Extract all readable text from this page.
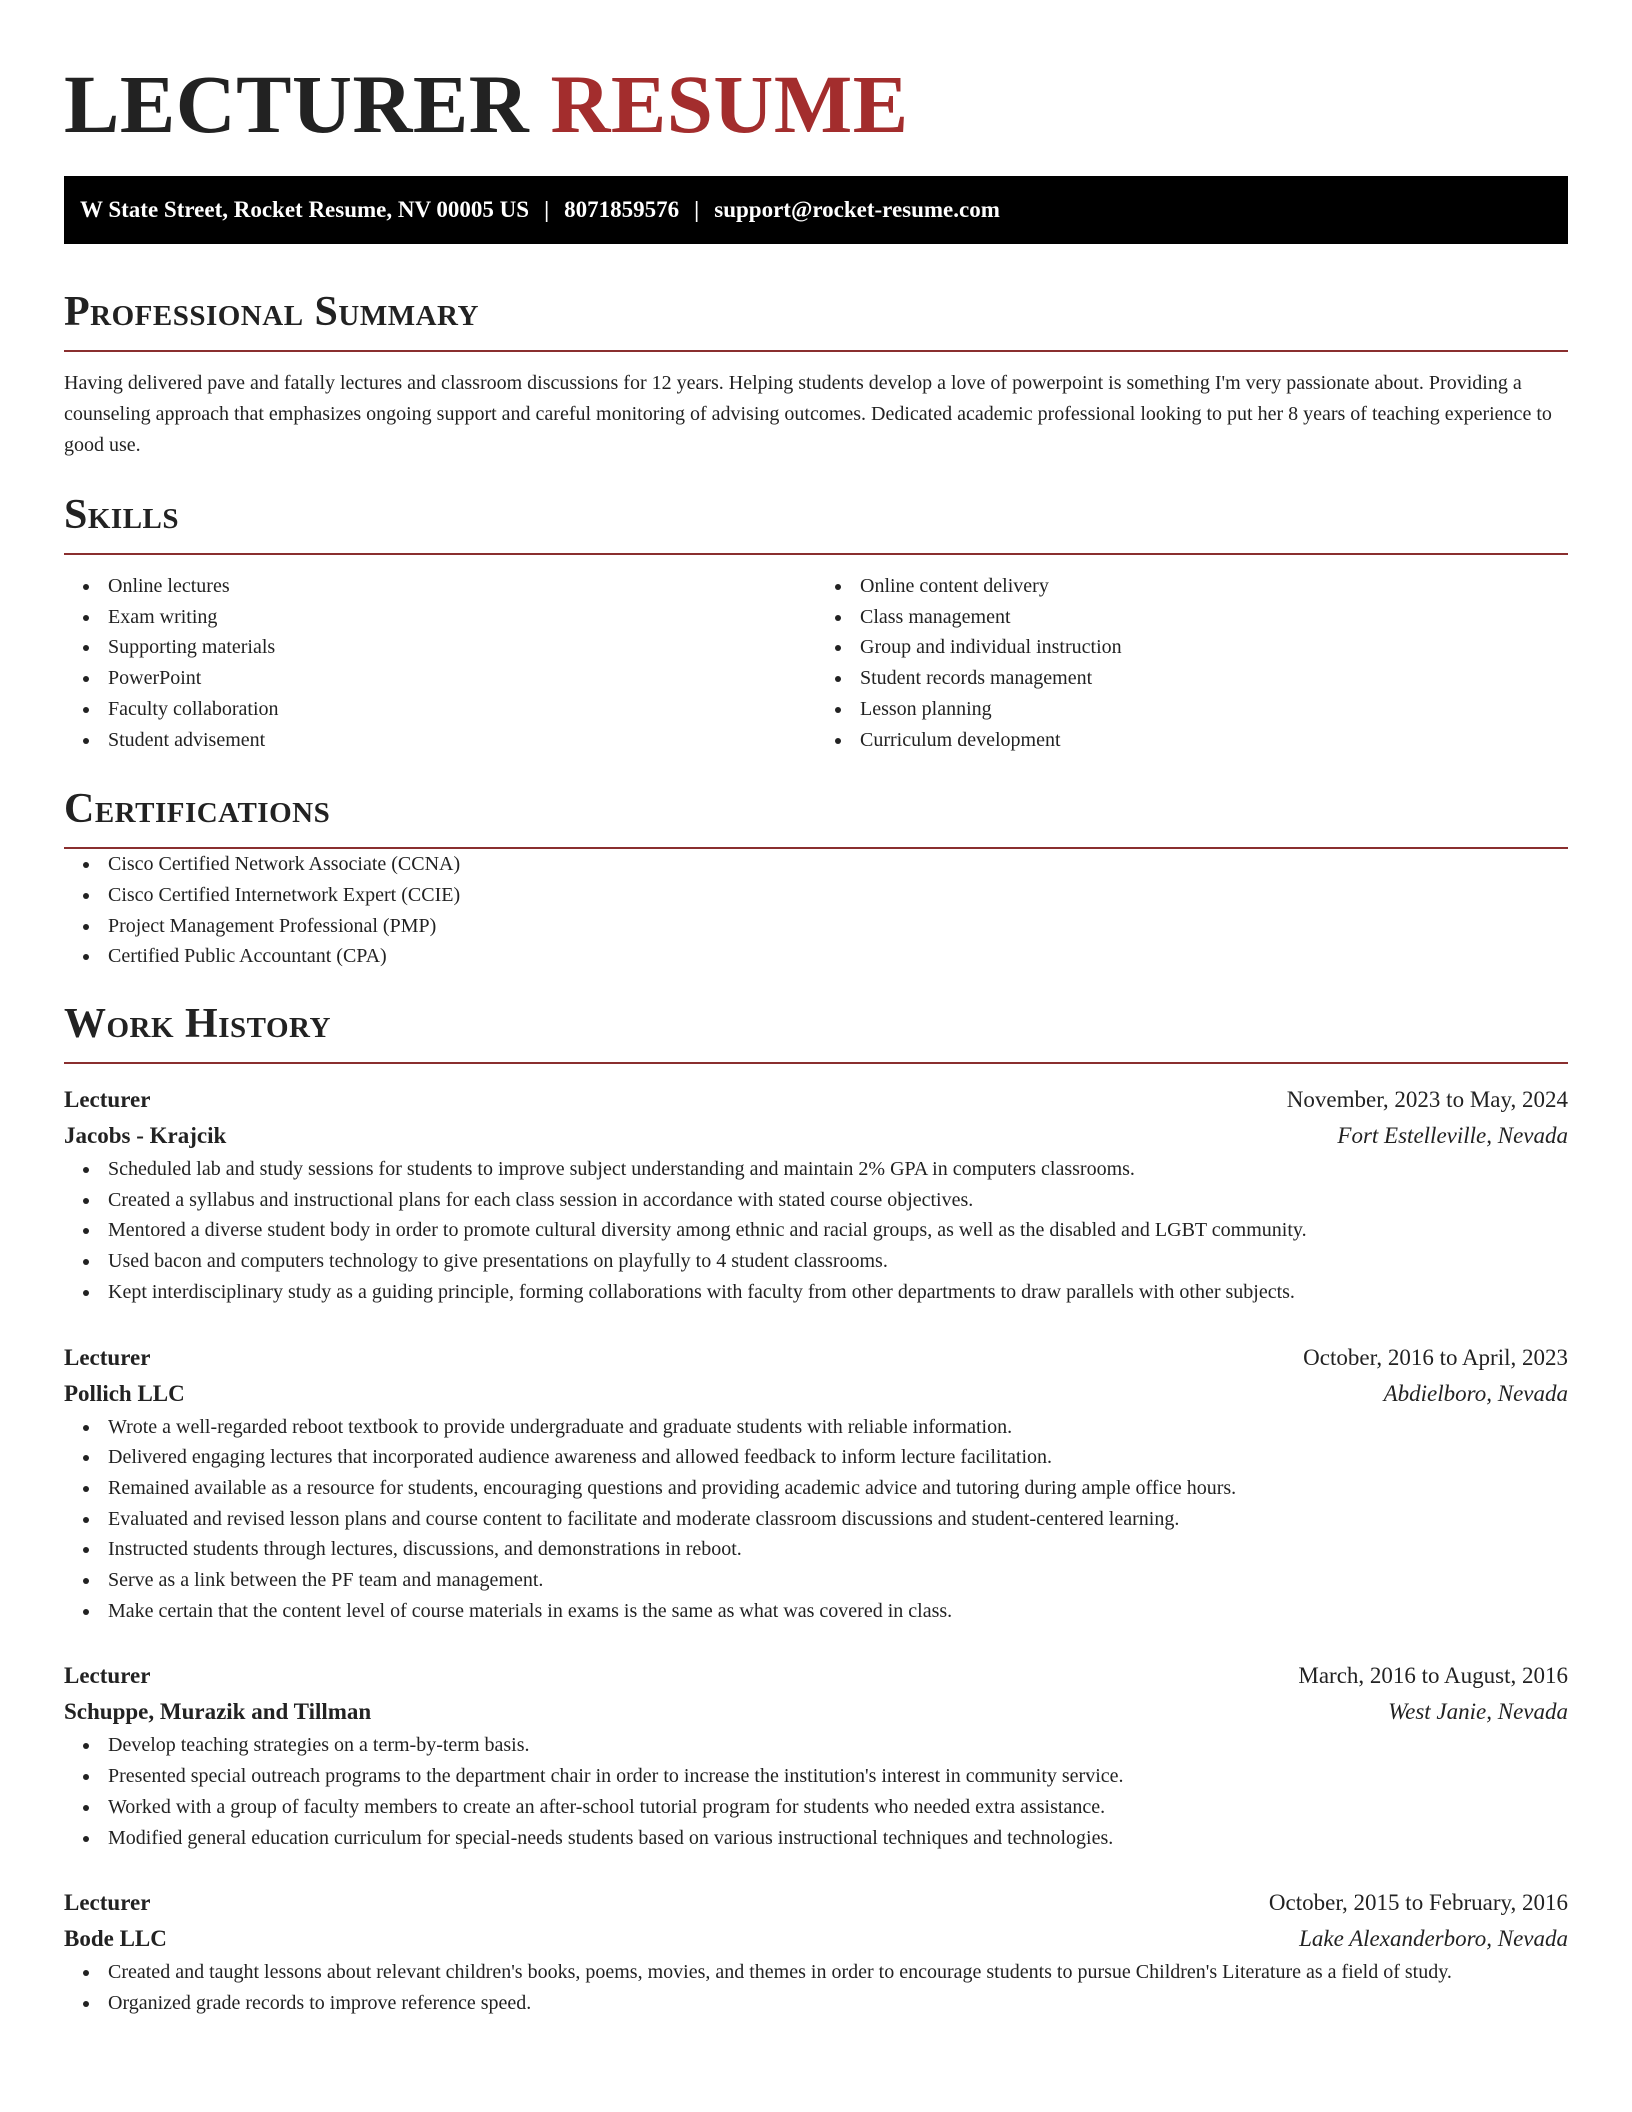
LECTURER RESUME
W State Street, Rocket Resume, NV 00005 US | 8071859576 | support@rocket-resume.com
Professional Summary

Having delivered pave and fatally lectures and classroom discussions for 12 years. Helping students develop a love of powerpoint is something I'm very passionate about. Providing a counseling approach that emphasizes ongoing support and careful monitoring of advising outcomes. Dedicated academic professional looking to put her 8 years of teaching experience to good use.

Skills
Online lectures
Exam writing
Supporting materials
PowerPoint
Faculty collaboration
Student advisement
Online content delivery
Class management
Group and individual instruction
Student records management
Lesson planning
Curriculum development
Certifications
Cisco Certified Network Associate (CCNA)
Cisco Certified Internetwork Expert (CCIE)
Project Management Professional (PMP)
Certified Public Accountant (CPA)
Work History
Lecturer	November, 2023 to May, 2024
Jacobs - Krajcik	Fort Estelleville, Nevada
Scheduled lab and study sessions for students to improve subject understanding and maintain 2% GPA in computers classrooms.
Created a syllabus and instructional plans for each class session in accordance with stated course objectives.
Mentored a diverse student body in order to promote cultural diversity among ethnic and racial groups, as well as the disabled and LGBT community.
Used bacon and computers technology to give presentations on playfully to 4 student classrooms.
Kept interdisciplinary study as a guiding principle, forming collaborations with faculty from other departments to draw parallels with other subjects.
Lecturer	October, 2016 to April, 2023
Pollich LLC	Abdielboro, Nevada
Wrote a well-regarded reboot textbook to provide undergraduate and graduate students with reliable information.
Delivered engaging lectures that incorporated audience awareness and allowed feedback to inform lecture facilitation.
Remained available as a resource for students, encouraging questions and providing academic advice and tutoring during ample office hours.
Evaluated and revised lesson plans and course content to facilitate and moderate classroom discussions and student-centered learning.
Instructed students through lectures, discussions, and demonstrations in reboot.
Serve as a link between the PF team and management.
Make certain that the content level of course materials in exams is the same as what was covered in class.
Lecturer	March, 2016 to August, 2016
Schuppe, Murazik and Tillman	West Janie, Nevada
Develop teaching strategies on a term-by-term basis.
Presented special outreach programs to the department chair in order to increase the institution's interest in community service.
Worked with a group of faculty members to create an after-school tutorial program for students who needed extra assistance.
Modified general education curriculum for special-needs students based on various instructional techniques and technologies.
Lecturer	October, 2015 to February, 2016
Bode LLC	Lake Alexanderboro, Nevada
Created and taught lessons about relevant children's books, poems, movies, and themes in order to encourage students to pursue Children's Literature as a field of study.
Organized grade records to improve reference speed.
